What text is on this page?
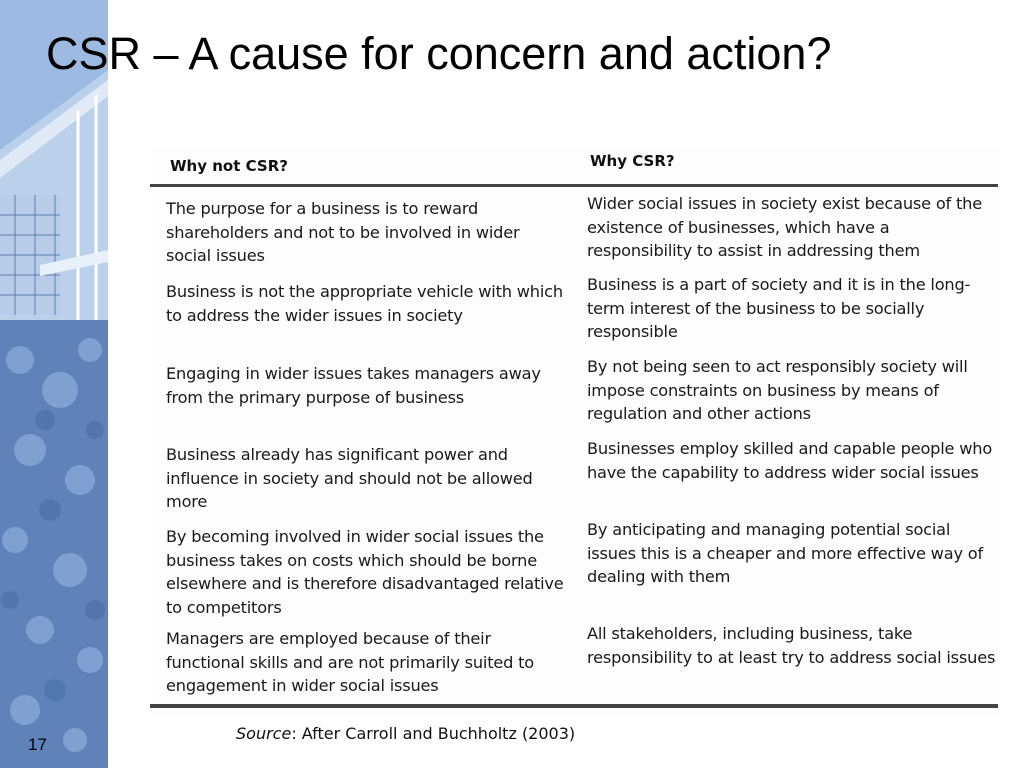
CSR – A cause for concern and action?
Why not CSR?	Why CSR?
The purpose for a business is to reward shareholders and not to be involved in wider social issues
Wider social issues in society exist because of the existence of businesses, which have a responsibility to assist in addressing them
Business is not the appropriate vehicle with which to address the wider issues in society
Business is a part of society and it is in the long-term interest of the business to be socially responsible
Engaging in wider issues takes managers away from the primary purpose of business
By not being seen to act responsibly society will impose constraints on business by means of regulation and other actions
Business already has significant power and influence in society and should not be allowed more
Businesses employ skilled and capable people who have the capability to address wider social issues
By becoming involved in wider social issues the business takes on costs which should be borne elsewhere and is therefore disadvantaged relative to competitors
By anticipating and managing potential social issues this is a cheaper and more effective way of dealing with them
Managers are employed because of their functional skills and are not primarily suited to engagement in wider social issues
All stakeholders, including business, take responsibility to at least try to address social issues
Source: After Carroll and Buchholtz (2003)
17
